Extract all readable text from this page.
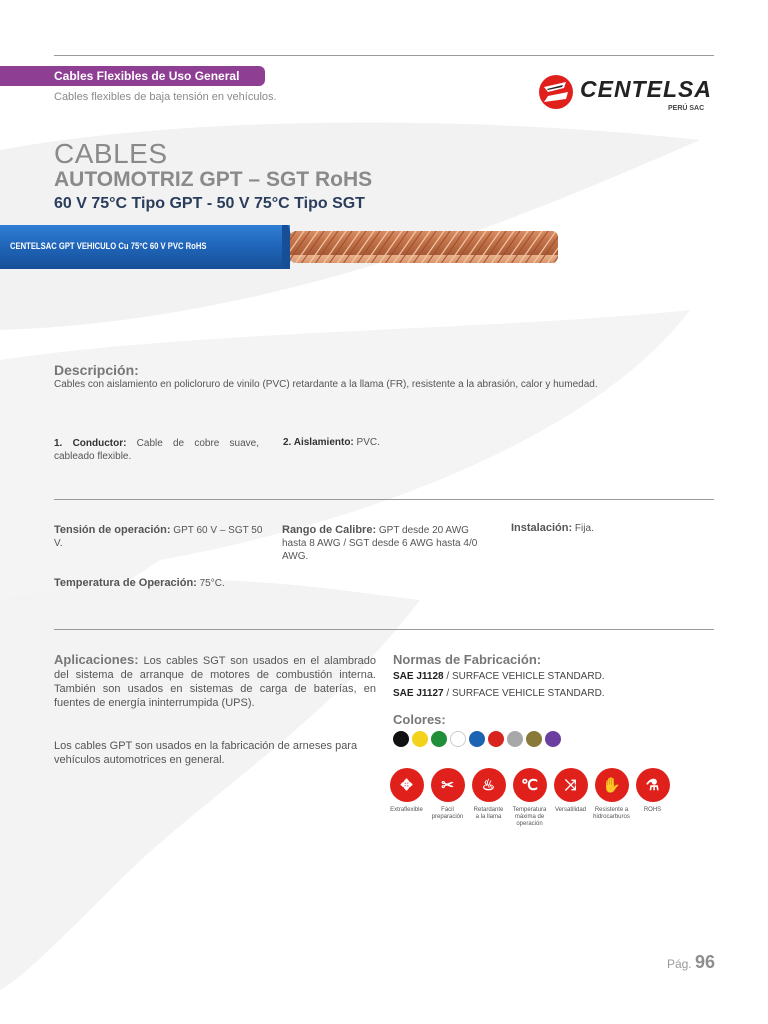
Cables Flexibles de Uso General
Cables flexibles de baja tensión en vehículos.	CENTELSA
PERÚ SAC
CABLES
AUTOMOTRIZ GPT – SGT RoHS
60 V 75°C Tipo GPT - 50 V 75°C Tipo SGT
CENTELSAC GPT VEHICULO Cu 75°C 60 V PVC RoHS
Descripción:
Cables con aislamiento en policloruro de vinilo (PVC) retardante a la llama (FR), resistente a la abrasión, calor y humedad.
1. Conductor: Cable de cobre suave, cableado flexible.
2. Aislamiento: PVC.
Tensión de operación: GPT 60 V – SGT 50 V.
Rango de Calibre: GPT desde 20 AWG hasta 8 AWG / SGT desde 6 AWG hasta 4/0 AWG.
Instalación: Fija.
Temperatura de Operación: 75°C.
Aplicaciones: Los cables SGT son usados en el alambrado del sistema de arranque de motores de combustión interna. También son usados en sistemas de carga de baterías, en fuentes de energía ininterrumpida (UPS).
Los cables GPT son usados en la fabricación de arneses para vehículos automotrices en general.
Normas de Fabricación:
SAE J1128 / SURFACE VEHICLE STANDARD.
SAE J1127 / SURFACE VEHICLE STANDARD.
Colores:
✥
Extraflexible
✂
Fácil
preparación
♨
Retardante
a la llama
℃
Temperatura
máxima de
operación
⤨
Versatilidad
✋
Resistente a
hidrocarburos
⚗
ROHS
Pág. 96
